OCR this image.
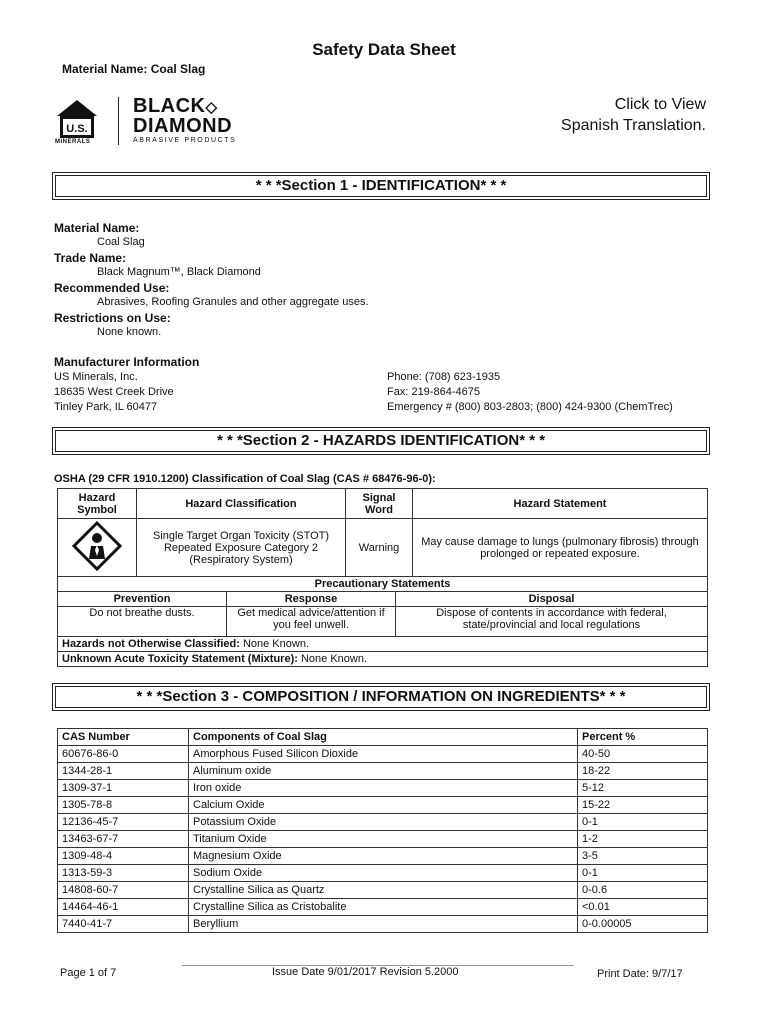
Safety Data Sheet
Material Name: Coal Slag
U.S.
MINERALS
BLACK◇
DIAMOND
ABRASIVE PRODUCTS
Click to View
Spanish Translation.
* * *Section 1 - IDENTIFICATION* * *
Material Name:
Coal Slag
Trade Name:
Black Magnum™, Black Diamond
Recommended Use:
Abrasives, Roofing Granules and other aggregate uses.
Restrictions on Use:
None known.
Manufacturer Information
US Minerals, Inc.
18635 West Creek Drive
Tinley Park, IL 60477
Phone: (708) 623-1935
Fax: 219-864-4675
Emergency # (800) 803-2803; (800) 424-9300 (ChemTrec)
* * *Section 2 - HAZARDS IDENTIFICATION* * *
OSHA (29 CFR 1910.1200) Classification of Coal Slag (CAS # 68476-96-0):
Hazard Symbol	Hazard Classification	Signal Word	Hazard Statement
	Single Target Organ Toxicity (STOT) Repeated Exposure Category 2 (Respiratory System)	Warning	May cause damage to lungs (pulmonary fibrosis) through prolonged or repeated exposure.
Precautionary Statements		
Prevention	Response	Disposal
Do not breathe dusts.	Get medical advice/attention if you feel unwell.	Dispose of contents in accordance with federal, state/provincial and local regulations
Hazards not Otherwise Classified: None Known.		
Unknown Acute Toxicity Statement (Mixture): None Known.		
* * *Section 3 - COMPOSITION / INFORMATION ON INGREDIENTS* * *
CAS Number	Components of Coal Slag	Percent %
60676-86-0	Amorphous Fused Silicon Dioxide	40-50
1344-28-1	Aluminum oxide	18-22
1309-37-1	Iron oxide	5-12
1305-78-8	Calcium Oxide	15-22
12136-45-7	Potassium Oxide	0-1
13463-67-7	Titanium Oxide	1-2
1309-48-4	Magnesium Oxide	3-5
1313-59-3	Sodium Oxide	0-1
14808-60-7	Crystalline Silica as Quartz	0-0.6
14464-46-1	Crystalline Silica as Cristobalite	<0.01
7440-41-7	Beryllium	0-0.00005
Page 1 of 7	Issue Date 9/01/2017 Revision 5.2000	Print Date: 9/7/17
